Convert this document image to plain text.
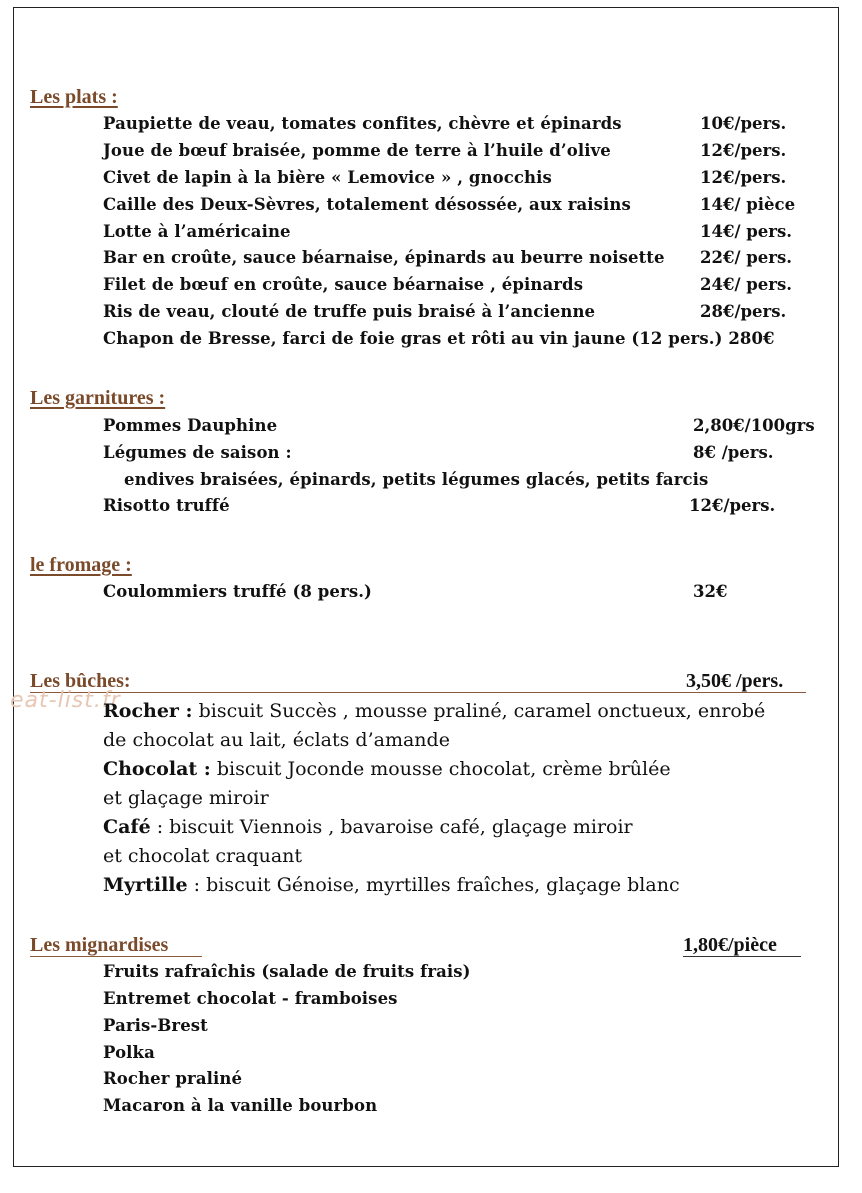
Les plats :
Paupiette de veau, tomates confites, chèvre et épinards	10€/pers.
Joue de bœuf braisée, pomme de terre à l’huile d’olive	12€/pers.
Civet de lapin à la bière « Lemovice » , gnocchis	12€/pers.
Caille des Deux-Sèvres, totalement désossée, aux raisins	14€/ pièce
Lotte à l’américaine	14€/ pers.
Bar en croûte, sauce béarnaise, épinards au beurre noisette 22€/ pers.
Filet de bœuf en croûte, sauce béarnaise , épinards	24€/ pers.
Ris de veau, clouté de truffe puis braisé à l’ancienne	28€/pers.
Chapon de Bresse, farci de foie gras et rôti au vin jaune (12 pers.) 280€
Les garnitures :
Pommes Dauphine	2,80€/100grs
Légumes de saison :	8€ /pers.
endives braisées, épinards, petits légumes glacés, petits farcis
Risotto truffé	12€/pers.
le fromage :
Coulommiers truffé (8 pers.)	32€
Les bûches:	3,50€ /pers.
eat-list.fr
Rocher : biscuit Succès , mousse praliné, caramel onctueux, enrobé
de chocolat au lait, éclats d’amande
Chocolat : biscuit Joconde mousse chocolat, crème brûlée
et glaçage miroir
Café : biscuit Viennois , bavaroise café, glaçage miroir
et chocolat craquant
Myrtille : biscuit Génoise, myrtilles fraîches, glaçage blanc
Les mignardises	1,80€/pièce
Fruits rafraîchis (salade de fruits frais)
Entremet chocolat - framboises
Paris-Brest
Polka
Rocher praliné
Macaron à la vanille bourbon
